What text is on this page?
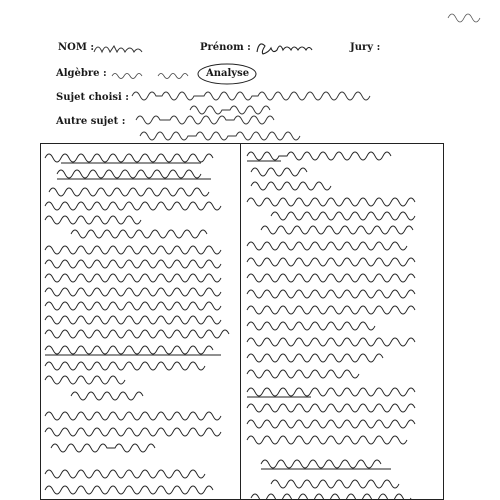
NOM :	Prénom :	Jury :
Algèbre :	Analyse
Sujet choisi :
Autre sujet :
